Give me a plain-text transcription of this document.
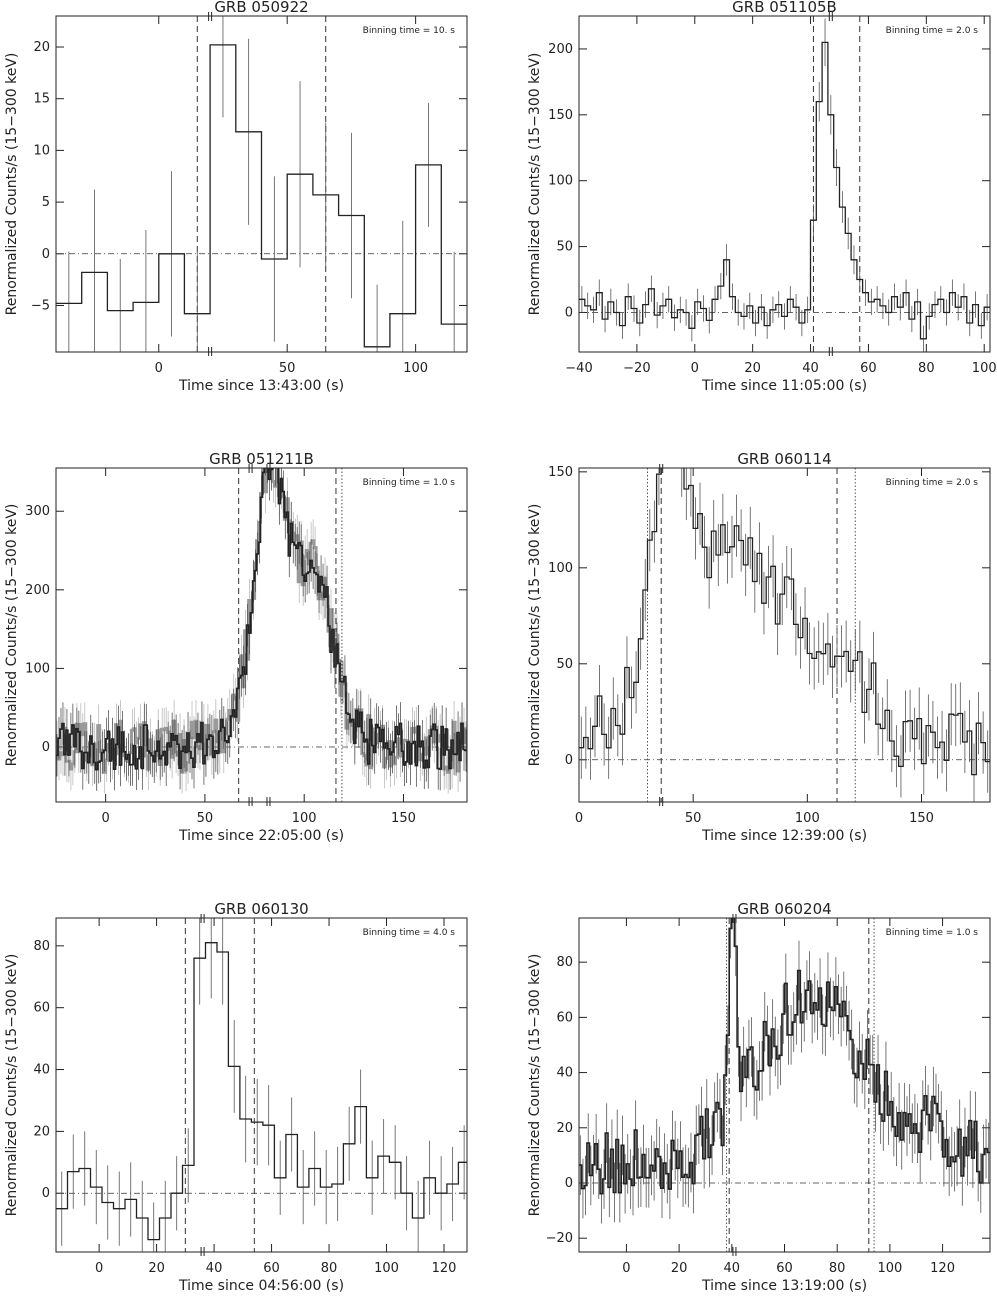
GRB 050922
Binning time = 10. s
Time since 13:43:00 (s)
Renormalized Counts/s (15−300 keV)
0	50	100
−5
0
5
10
15
20
GRB 051105B
Binning time = 2.0 s
Time since 11:05:00 (s)
Renormalized Counts/s (15−300 keV)
−40 −20	0	20	40	60	80	100
0
50
100
150
200
GRB 051211B
Binning time = 1.0 s
Time since 22:05:00 (s)
Renormalized Counts/s (15−300 keV)
0	50	100	150
0
100
200
300
GRB 060114
Binning time = 2.0 s
Time since 12:39:00 (s)
Renormalized Counts/s (15−300 keV)
0	50	100	150
0
50
100
150
GRB 060130
Binning time = 4.0 s
Time since 04:56:00 (s)
Renormalized Counts/s (15−300 keV)
0	20	40	60	80	100	120
0
20
40
60
80
GRB 060204
Binning time = 1.0 s
Time since 13:19:00 (s)
Renormalized Counts/s (15−300 keV)
0	20	40	60	80 100 120
−20
0
20
40
60
80
